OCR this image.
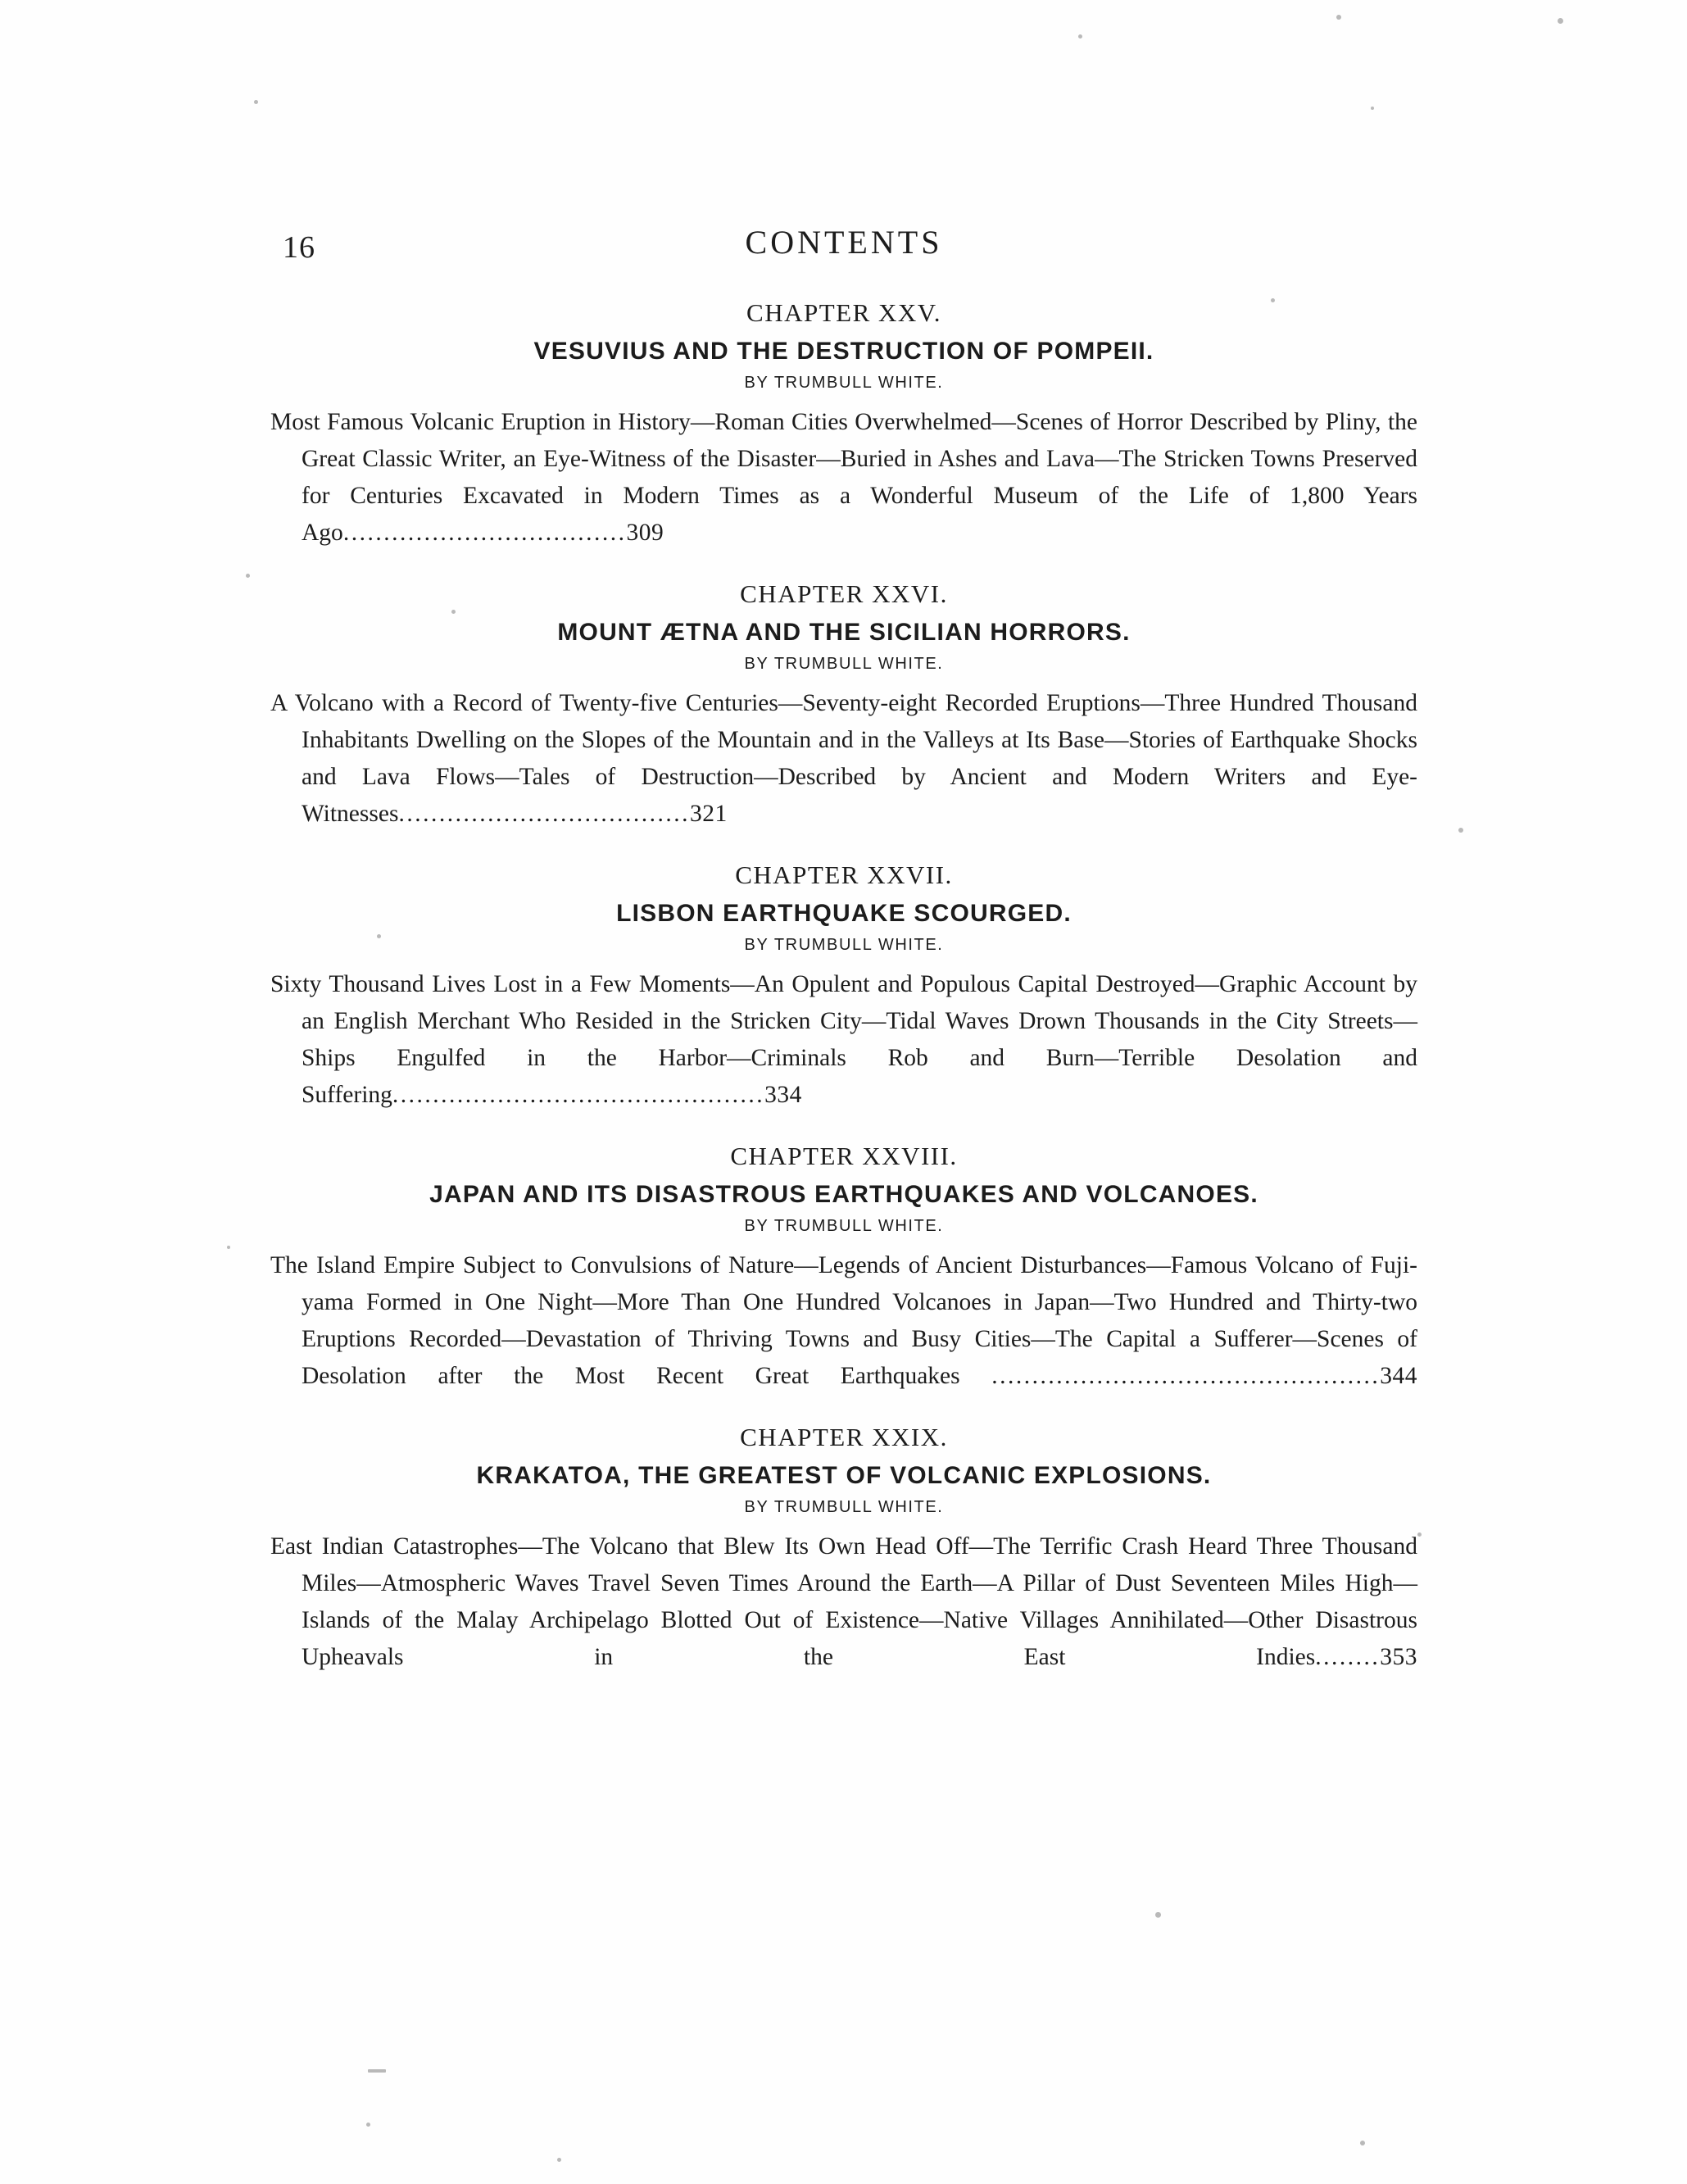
16	CONTENTS
CHAPTER XXV.
VESUVIUS AND THE DESTRUCTION OF POMPEII.
BY TRUMBULL WHITE.
Most Famous Volcanic Eruption in History—Roman Cities Overwhelmed—Scenes of Horror Described by Pliny, the Great Classic Writer, an Eye-Witness of the Disaster—Buried in Ashes and Lava—The Stricken Towns Preserved for Centuries Excavated in Modern Times as a Wonderful Museum of the Life of 1,800 Years Ago...................................309
CHAPTER XXVI.
MOUNT ÆTNA AND THE SICILIAN HORRORS.
BY TRUMBULL WHITE.
A Volcano with a Record of Twenty-five Centuries—Seventy-eight Recorded Eruptions—Three Hundred Thousand Inhabitants Dwelling on the Slopes of the Mountain and in the Valleys at Its Base—Stories of Earthquake Shocks and Lava Flows—Tales of Destruction—Described by Ancient and Modern Writers and Eye-Witnesses....................................321
CHAPTER XXVII.
LISBON EARTHQUAKE SCOURGED.
BY TRUMBULL WHITE.
Sixty Thousand Lives Lost in a Few Moments—An Opulent and Populous Capital Destroyed—Graphic Account by an English Merchant Who Resided in the Stricken City—Tidal Waves Drown Thousands in the City Streets—Ships Engulfed in the Harbor—Criminals Rob and Burn—Terrible Desolation and Suffering..............................................334
CHAPTER XXVIII.
JAPAN AND ITS DISASTROUS EARTHQUAKES AND VOLCANOES.
BY TRUMBULL WHITE.
The Island Empire Subject to Convulsions of Nature—Legends of Ancient Disturbances—Famous Volcano of Fuji-yama Formed in One Night—More Than One Hundred Volcanoes in Japan—Two Hundred and Thirty-two Eruptions Recorded—Devastation of Thriving Towns and Busy Cities—The Capital a Sufferer—Scenes of Desolation after the Most Recent Great Earthquakes ................................................344
CHAPTER XXIX.
KRAKATOA, THE GREATEST OF VOLCANIC EXPLOSIONS.
BY TRUMBULL WHITE.
East Indian Catastrophes—The Volcano that Blew Its Own Head Off—The Terrific Crash Heard Three Thousand Miles—Atmospheric Waves Travel Seven Times Around the Earth—A Pillar of Dust Seventeen Miles High—Islands of the Malay Archipelago Blotted Out of Existence—Native Villages Annihilated—Other Disastrous Upheavals in the East Indies........353
